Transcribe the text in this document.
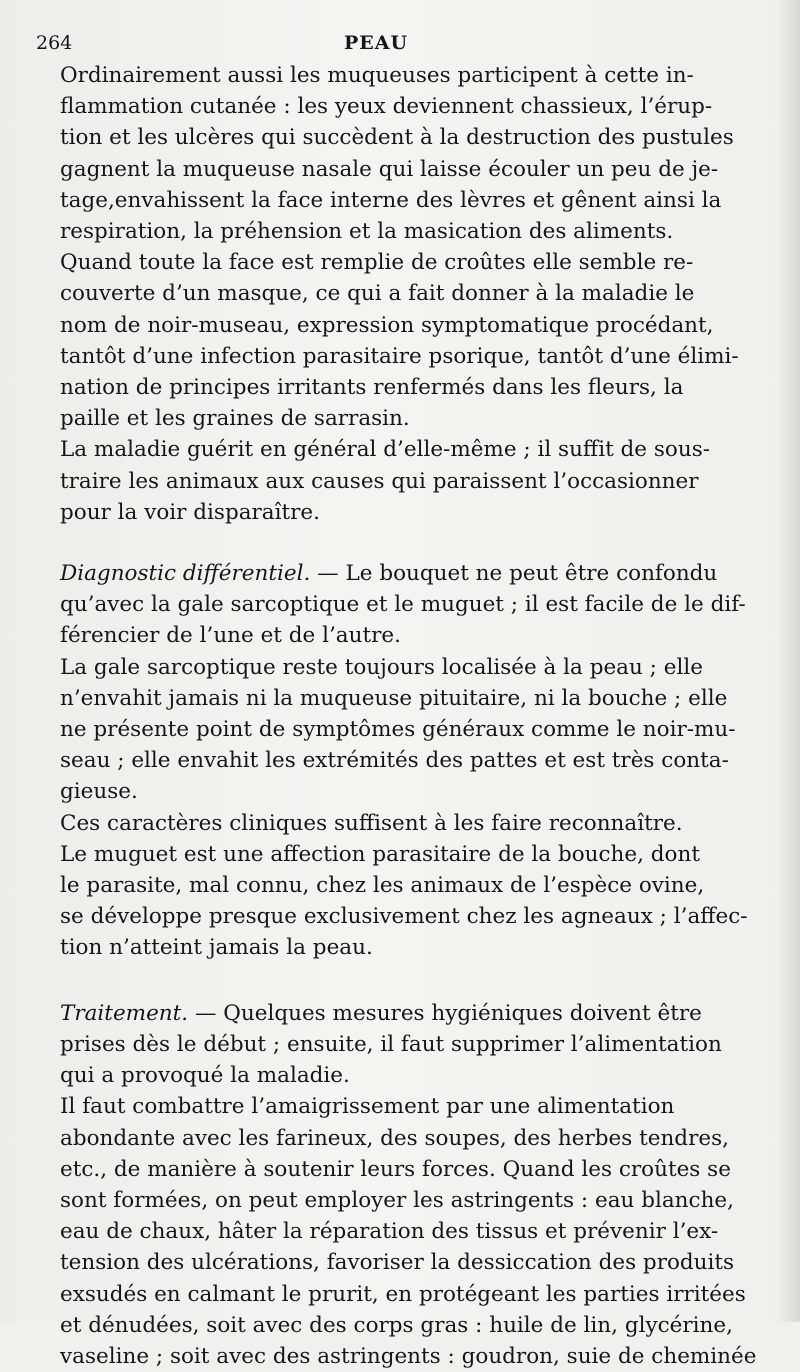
264	PEAU

Ordinairement aussi les muqueuses participent à cette in-
flammation cutanée : les yeux deviennent chassieux, l’érup-
tion et les ulcères qui succèdent à la destruction des pustules
gagnent la muqueuse nasale qui laisse écouler un peu de je-
tage,envahissent la face interne des lèvres et gênent ainsi la
respiration, la préhension et la masication des aliments.

Quand toute la face est remplie de croûtes elle semble re-
couverte d’un masque, ce qui a fait donner à la maladie le
nom de noir-museau, expression symptomatique procédant,
tantôt d’une infection parasitaire psorique, tantôt d’une élimi-
nation de principes irritants renfermés dans les fleurs, la
paille et les graines de sarrasin.

La maladie guérit en général d’elle-même ; il suffit de sous-
traire les animaux aux causes qui paraissent l’occasionner
pour la voir disparaître.

Diagnostic différentiel. — Le bouquet ne peut être confondu
qu’avec la gale sarcoptique et le muguet ; il est facile de le dif-
férencier de l’une et de l’autre.

La gale sarcoptique reste toujours localisée à la peau ; elle
n’envahit jamais ni la muqueuse pituitaire, ni la bouche ; elle
ne présente point de symptômes généraux comme le noir-mu-
seau ; elle envahit les extrémités des pattes et est très conta-
gieuse.

Ces caractères cliniques suffisent à les faire reconnaître.

Le muguet est une affection parasitaire de la bouche, dont
le parasite, mal connu, chez les animaux de l’espèce ovine,
se développe presque exclusivement chez les agneaux ; l’affec-
tion n’atteint jamais la peau.

Traitement. — Quelques mesures hygiéniques doivent être
prises dès le début ; ensuite, il faut supprimer l’alimentation
qui a provoqué la maladie.

Il faut combattre l’amaigrissement par une alimentation
abondante avec les farineux, des soupes, des herbes tendres,
etc., de manière à soutenir leurs forces. Quand les croûtes se
sont formées, on peut employer les astringents : eau blanche,
eau de chaux, hâter la réparation des tissus et prévenir l’ex-
tension des ulcérations, favoriser la dessiccation des produits
exsudés en calmant le prurit, en protégeant les parties irritées
et dénudées, soit avec des corps gras : huile de lin, glycérine,
vaseline ; soit avec des astringents : goudron, suie de cheminée
